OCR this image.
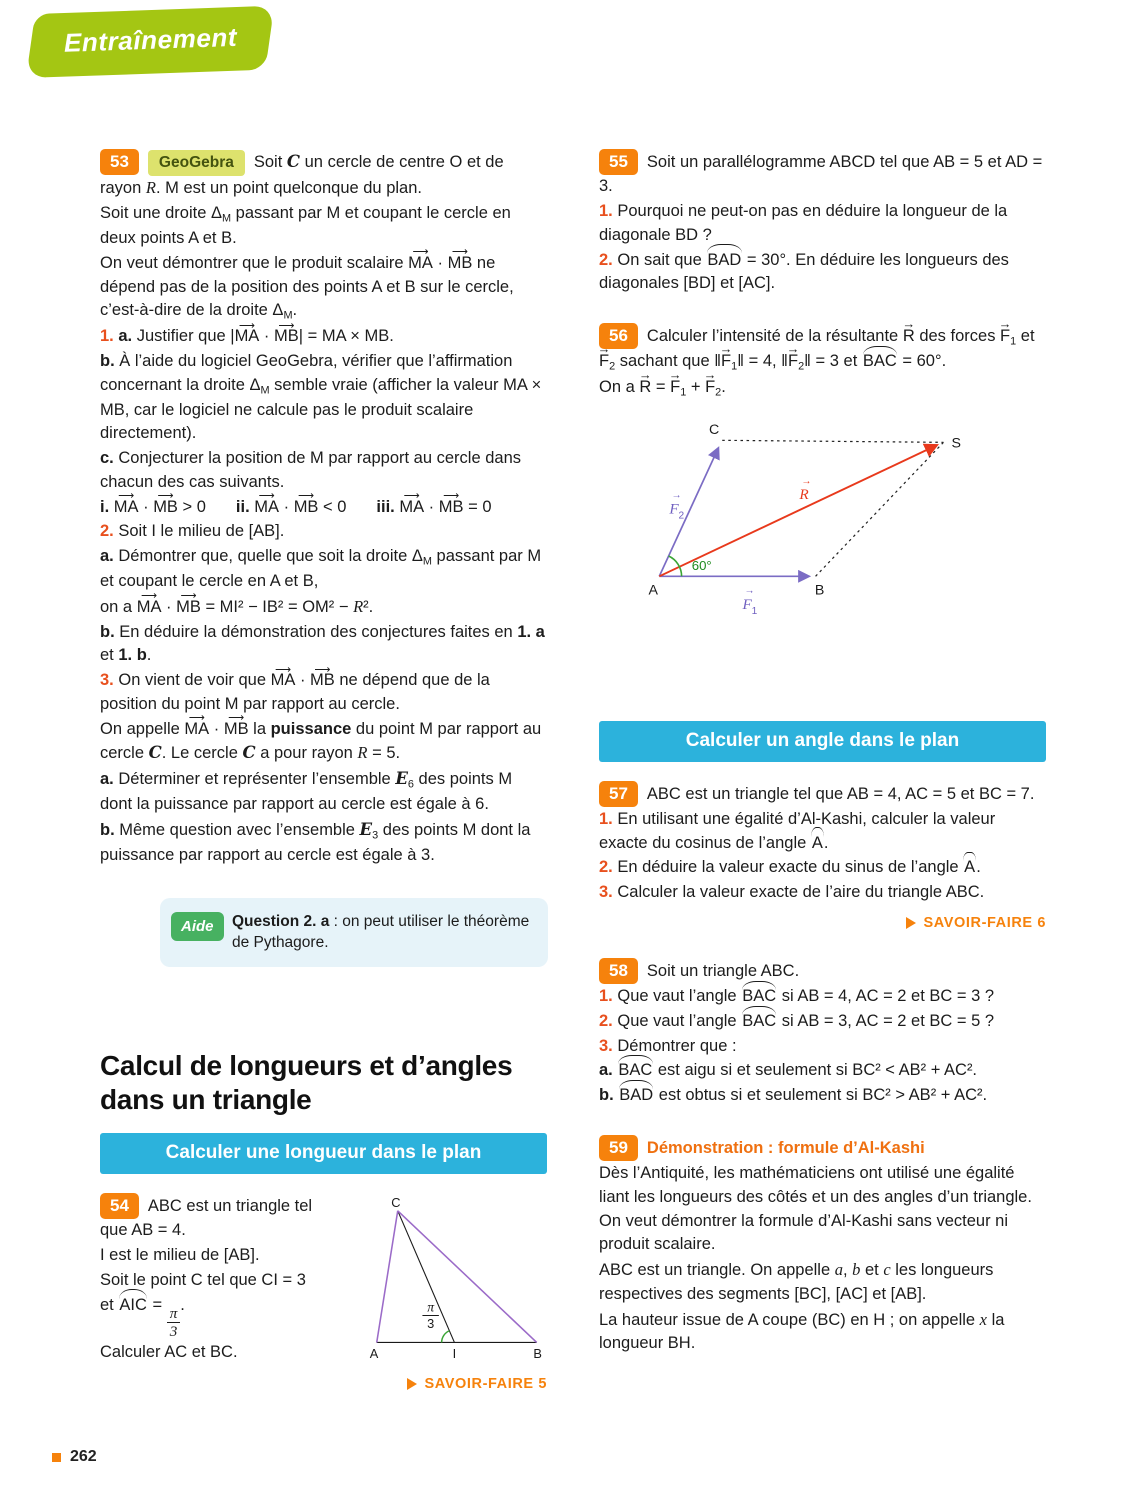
Entraînement
53 GeoGebra Soit C un cercle de centre O et de rayon R. M est un point quelconque du plan.
Soit une droite ΔM passant par M et coupant le cercle en deux points A et B.
On veut démontrer que le produit scalaire MA ⟶ · MB ⟶ ne dépend pas de la position des points A et B sur le cercle, c’est-à-dire de la droite ΔM.
1. a. Justifier que |MA ⟶ · MB ⟶| = MA × MB.
b. À l’aide du logiciel GeoGebra, vérifier que l’affirmation concernant la droite ΔM semble vraie (afficher la valeur MA × MB, car le logiciel ne calcule pas le produit scalaire directement).
c. Conjecturer la position de M par rapport au cercle dans chacun des cas suivants.
i. MA ⟶ · MB ⟶ > 0 ii. MA ⟶ · MB ⟶ < 0 iii. MA ⟶ · MB ⟶ = 0
2. Soit I le milieu de [AB].
a. Démontrer que, quelle que soit la droite ΔM passant par M et coupant le cercle en A et B,
on a MA ⟶ · MB ⟶ = MI² − IB² = OM² − R².
b. En déduire la démonstration des conjectures faites en 1. a et 1. b.
3. On vient de voir que MA ⟶ · MB ⟶ ne dépend que de la position du point M par rapport au cercle.
On appelle MA ⟶ · MB ⟶ la puissance du point M par rapport au cercle C. Le cercle C a pour rayon R = 5.
a. Déterminer et représenter l’ensemble E6 des points M dont la puissance par rapport au cercle est égale à 6.
b. Même question avec l’ensemble E3 des points M dont la puissance par rapport au cercle est égale à 3.
Aide	Question 2. a : on peut utiliser le théorème de Pythagore.
Calcul de longueurs et d’angles dans un triangle
Calculer une longueur dans le plan
54 ABC est un triangle tel que AB = 4.
I est le milieu de [AB].
Soit le point C tel que CI = 3
et AIC =
$\frac{\pi}{3}$
.
Calculer AC et BC.
π
3
C
A	I	B
SAVOIR-FAIRE 5
55 Soit un parallélogramme ABCD tel que AB = 5 et AD = 3.
1. Pourquoi ne peut-on pas en déduire la longueur de la diagonale BD ?
2. On sait que BAD = 30°. En déduire les longueurs des diagonales [BD] et [AC].
56 Calculer l’intensité de la résultante R → des forces F →1 et F →2 sachant que ‖F →1‖ = 4, ‖F →2‖ = 3 et BAC = 60°.
On a R → = F →1 + F →2.
C
S
A	B
60°
→
F 2
→
F 1
→
R
Calculer un angle dans le plan
57 ABC est un triangle tel que AB = 4, AC = 5 et BC = 7.
1. En utilisant une égalité d’Al-Kashi, calculer la valeur exacte du cosinus de l’angle A.
2. En déduire la valeur exacte du sinus de l’angle A.
3. Calculer la valeur exacte de l’aire du triangle ABC.
SAVOIR-FAIRE 6
58 Soit un triangle ABC.
1. Que vaut l’angle BAC si AB = 4, AC = 2 et BC = 3 ?
2. Que vaut l’angle BAC si AB = 3, AC = 2 et BC = 5 ?
3. Démontrer que :
a. BAC est aigu si et seulement si BC² < AB² + AC².
b. BAD est obtus si et seulement si BC² > AB² + AC².
59 Démonstration : formule d’Al-Kashi
Dès l’Antiquité, les mathématiciens ont utilisé une égalité liant les longueurs des côtés et un des angles d’un triangle. On veut démontrer la formule d’Al-Kashi sans vecteur ni produit scalaire.
ABC est un triangle. On appelle a, b et c les longueurs respectives des segments [BC], [AC] et [AB].
La hauteur issue de A coupe (BC) en H ; on appelle x la longueur BH.
262
